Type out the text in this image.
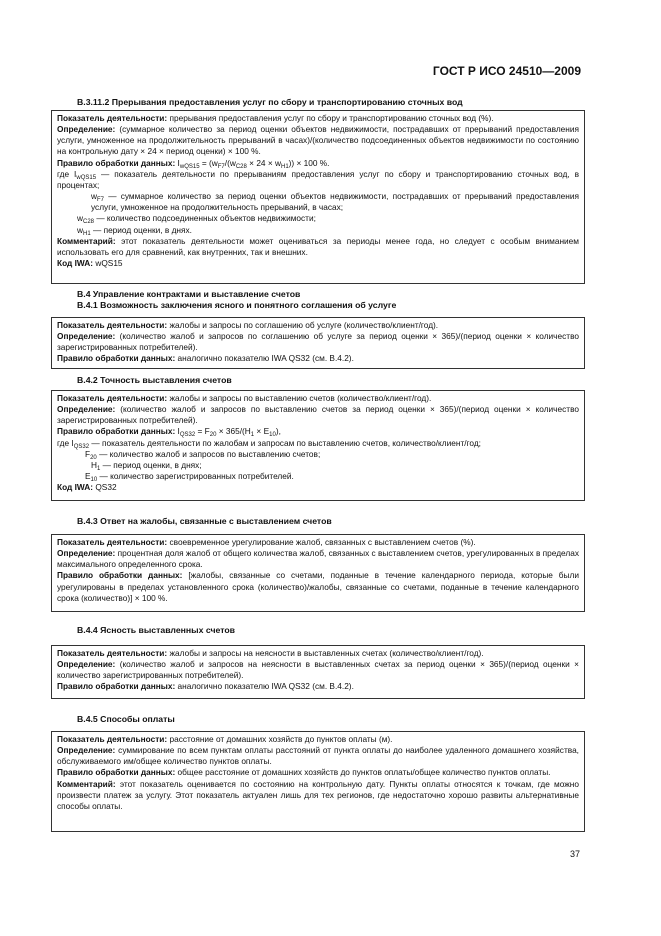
ГОСТ Р ИСО 24510—2009
B.3.11.2 Прерывания предоставления услуг по сбору и транспортированию сточных вод

Показатель деятельности: прерывания предоставления услуг по сбору и транспортированию сточных вод (%).

Определение: (суммарное количество за период оценки объектов недвижимости, пострадавших от прерываний предоставления услуги, умноженное на продолжительность прерываний в часах)/(количество подсоединенных объектов недвижимости по состоянию на контрольную дату × 24 × период оценки) × 100 %.

Правило обработки данных: $I_{wQS15} = (w_{F7}/(w_{C28} \times 24 \times w_{H1})) \times 100$ %.

где $I_{wQS15}$ — показатель деятельности по прерываниям предоставления услуг по сбору и транспортированию сточных вод, в процентах;

$w_{F7}$ — суммарное количество за период оценки объектов недвижимости, пострадавших от прерываний предоставления услуги, умноженное на продолжительность прерываний, в часах;

$w_{C28}$ — количество подсоединенных объектов недвижимости;

$w_{H1}$ — период оценки, в днях.

Комментарий: этот показатель деятельности может оцениваться за периоды менее года, но следует с особым вниманием использовать его для сравнений, как внутренних, так и внешних.

Код IWA: wQS15

B.4 Управление контрактами и выставление счетов
B.4.1 Возможность заключения ясного и понятного соглашения об услуге

Показатель деятельности: жалобы и запросы по соглашению об услуге (количество/клиент/год).

Определение: (количество жалоб и запросов по соглашению об услуге за период оценки × 365)/(период оценки × количество зарегистрированных потребителей).

Правило обработки данных: аналогично показателю IWA QS32 (см. В.4.2).

B.4.2 Точность выставления счетов

Показатель деятельности: жалобы и запросы по выставлению счетов (количество/клиент/год).

Определение: (количество жалоб и запросов по выставлению счетов за период оценки × 365)/(период оценки × количество зарегистрированных потребителей).

Правило обработки данных: $I_{QS32} = F_{20} \times 365/(H_1 \times E_{10})$,

где $I_{QS32}$ — показатель деятельности по жалобам и запросам по выставлению счетов, количество/клиент/год;

$F_{20}$ — количество жалоб и запросов по выставлению счетов;

$H_1$ — период оценки, в днях;

$E_{10}$ — количество зарегистрированных потребителей.

Код IWA: QS32

B.4.3 Ответ на жалобы, связанные с выставлением счетов

Показатель деятельности: своевременное урегулирование жалоб, связанных с выставлением счетов (%).

Определение: процентная доля жалоб от общего количества жалоб, связанных с выставлением счетов, урегулированных в пределах максимального определенного срока.

Правило обработки данных: [жалобы, связанные со счетами, поданные в течение календарного периода, которые были урегулированы в пределах установленного срока (количество)/жалобы, связанные со счетами, поданные в течение календарного срока (количество)] × 100 %.

B.4.4 Ясность выставленных счетов

Показатель деятельности: жалобы и запросы на неясности в выставленных счетах (количество/клиент/год).

Определение: (количество жалоб и запросов на неясности в выставленных счетах за период оценки × 365)/(период оценки × количество зарегистрированных потребителей).

Правило обработки данных: аналогично показателю IWA QS32 (см. В.4.2).

B.4.5 Способы оплаты

Показатель деятельности: расстояние от домашних хозяйств до пунктов оплаты (м).

Определение: суммирование по всем пунктам оплаты расстояний от пункта оплаты до наиболее удаленного домашнего хозяйства, обслуживаемого им/общее количество пунктов оплаты.

Правило обработки данных: общее расстояние от домашних хозяйств до пунктов оплаты/общее количество пунктов оплаты.

Комментарий: этот показатель оценивается по состоянию на контрольную дату. Пункты оплаты относятся к точкам, где можно произвести платеж за услугу. Этот показатель актуален лишь для тех регионов, где недостаточно хорошо развиты альтернативные способы оплаты.

37
